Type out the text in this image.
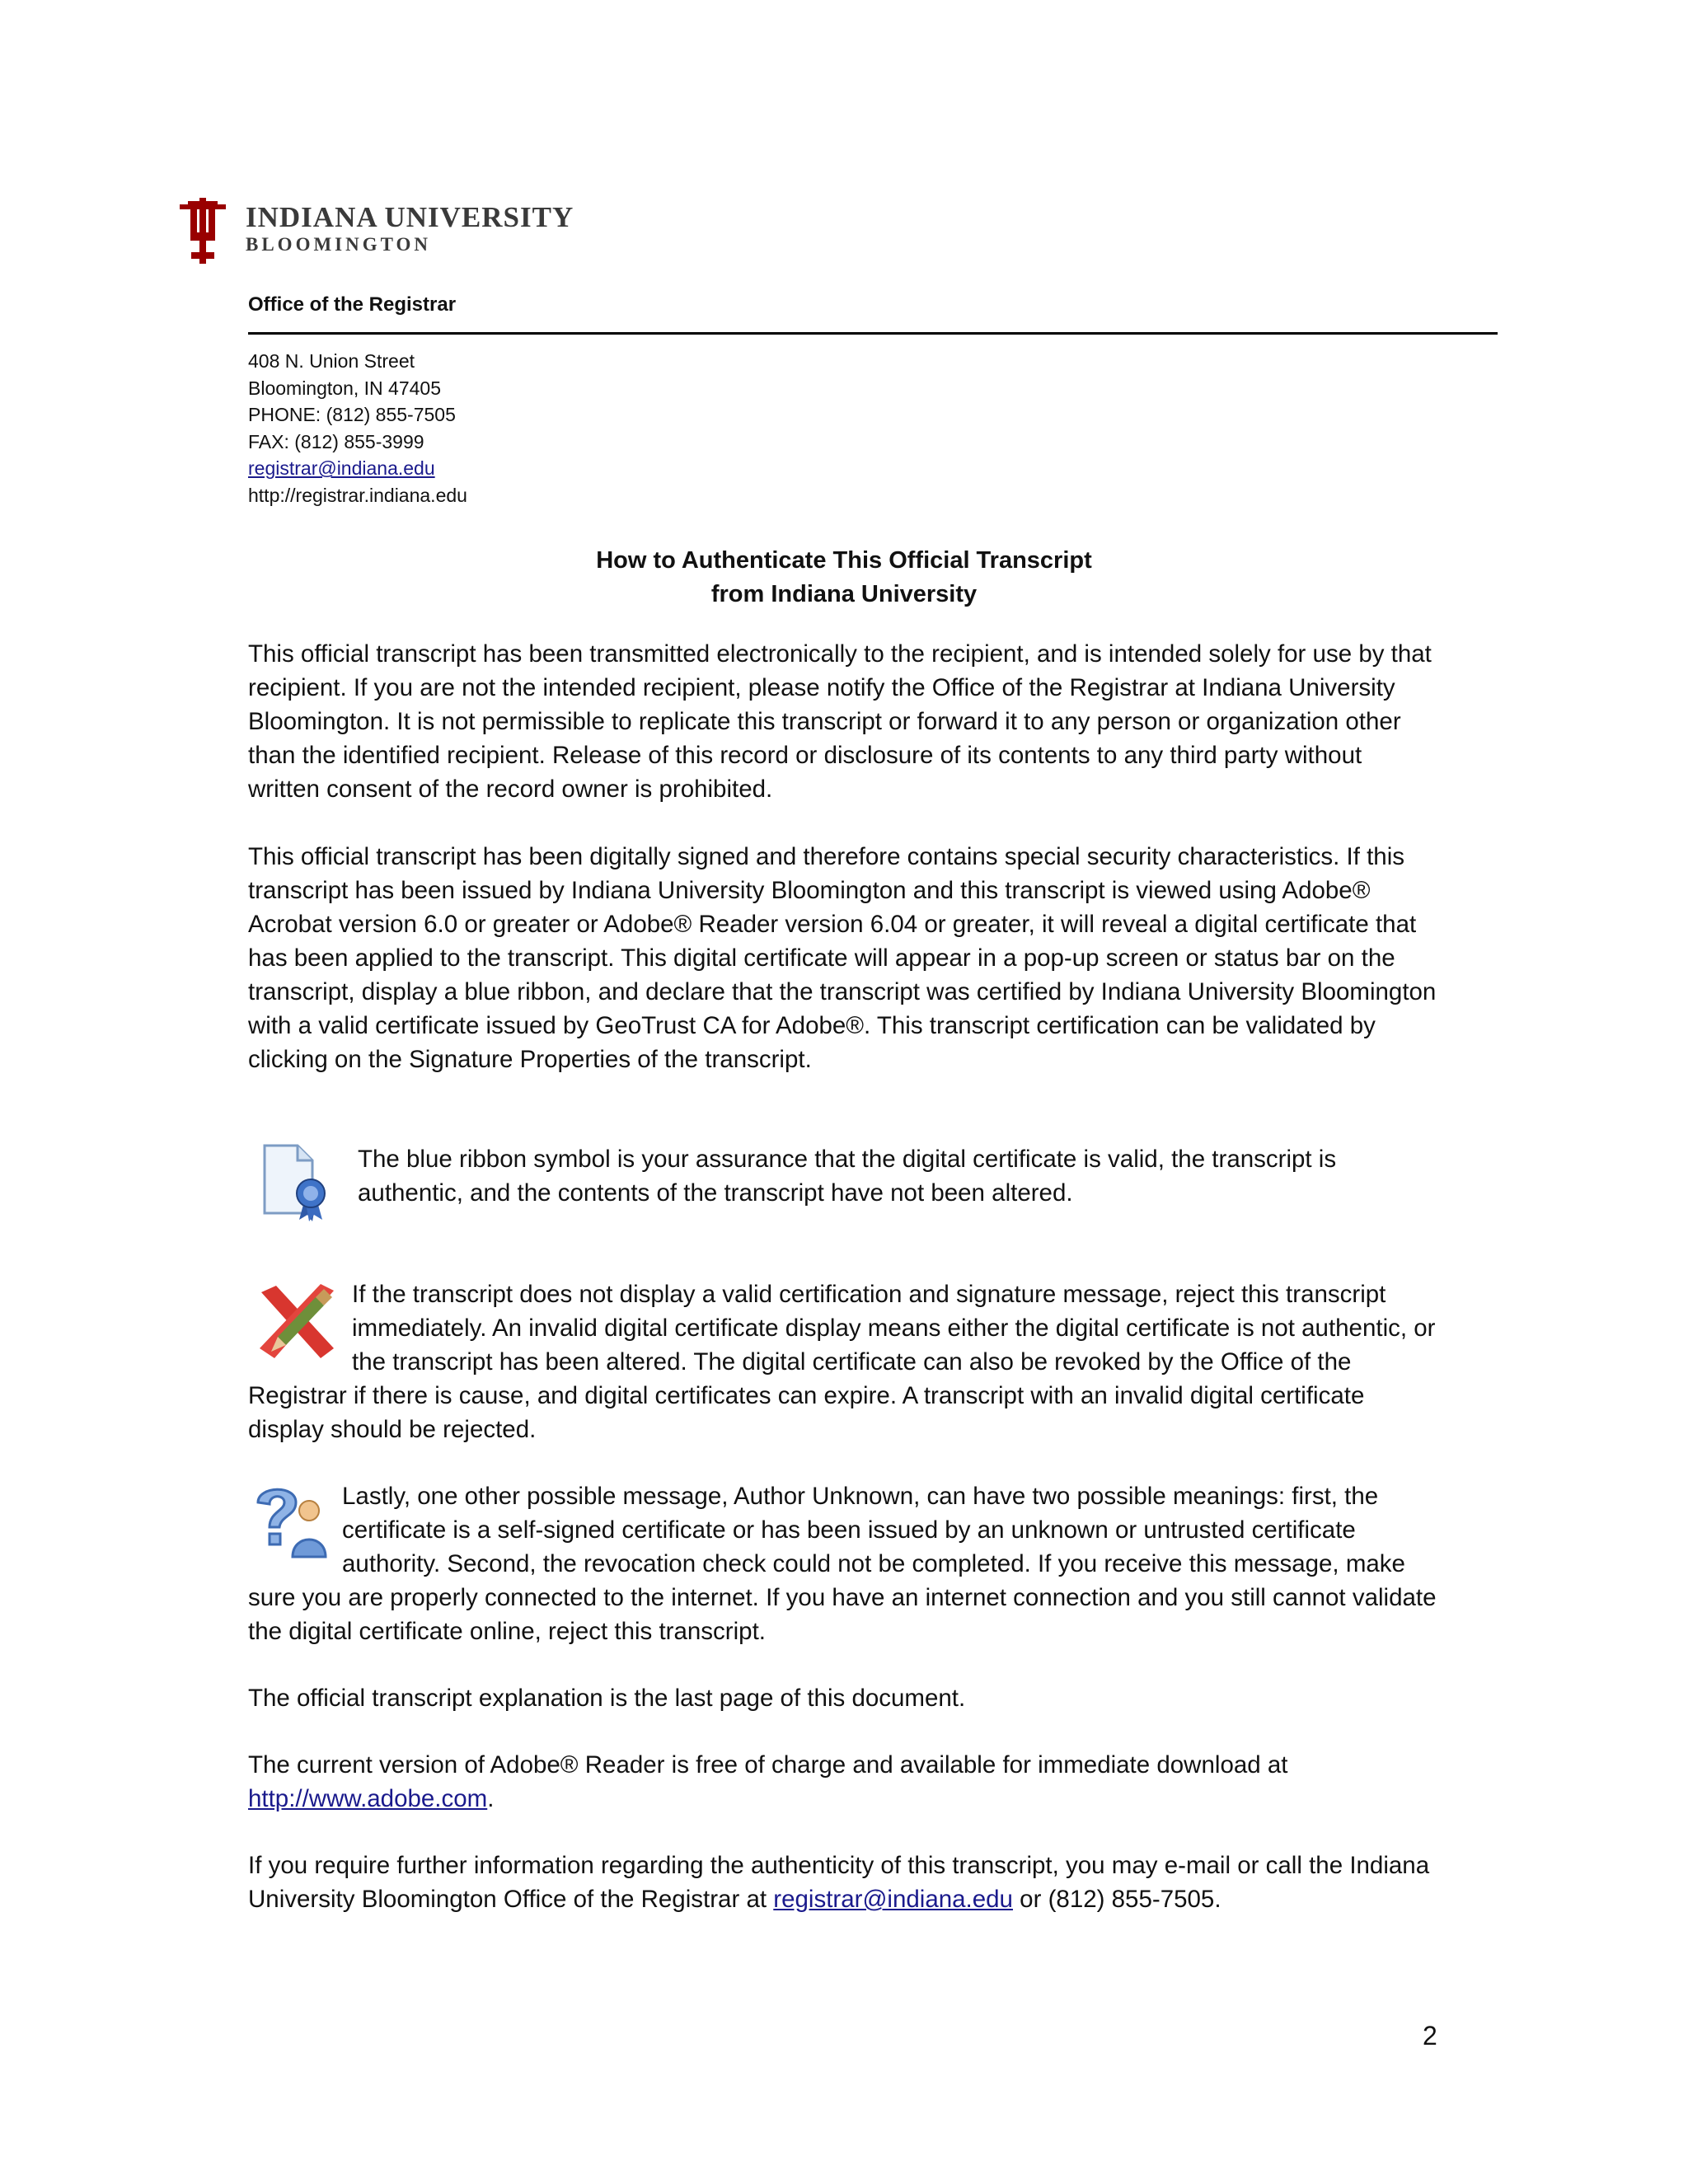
INDIANA UNIVERSITY
BLOOMINGTON
Office of the Registrar
408 N. Union Street
Bloomington, IN 47405
PHONE: (812) 855-7505
FAX: (812) 855-3999
registrar@indiana.edu
http://registrar.indiana.edu
How to Authenticate This Official Transcript
from Indiana University

This official transcript has been transmitted electronically to the recipient, and is intended solely for use by that recipient. If you are not the intended recipient, please notify the Office of the Registrar at Indiana University Bloomington. It is not permissible to replicate this transcript or forward it to any person or organization other than the identified recipient. Release of this record or disclosure of its contents to any third party without written consent of the record owner is prohibited.

This official transcript has been digitally signed and therefore contains special security characteristics. If this transcript has been issued by Indiana University Bloomington and this transcript is viewed using Adobe® Acrobat version 6.0 or greater or Adobe® Reader version 6.04 or greater, it will reveal a digital certificate that has been applied to the transcript. This digital certificate will appear in a pop-up screen or status bar on the transcript, display a blue ribbon, and declare that the transcript was certified by Indiana University Bloomington with a valid certificate issued by GeoTrust CA for Adobe®. This transcript certification can be validated by clicking on the Signature Properties of the transcript.

The blue ribbon symbol is your assurance that the digital certificate is valid, the transcript is authentic, and the contents of the transcript have not been altered.

If the transcript does not display a valid certification and signature message, reject this transcript immediately. An invalid digital certificate display means either the digital certificate is not authentic, or the transcript has been altered. The digital certificate can also be revoked by the Office of the Registrar if there is cause, and digital certificates can expire. A transcript with an invalid digital certificate display should be rejected.

Lastly, one other possible message, Author Unknown, can have two possible meanings: first, the certificate is a self-signed certificate or has been issued by an unknown or untrusted certificate authority. Second, the revocation check could not be completed. If you receive this message, make sure you are properly connected to the internet. If you have an internet connection and you still cannot validate the digital certificate online, reject this transcript.

The official transcript explanation is the last page of this document.

The current version of Adobe® Reader is free of charge and available for immediate download at http://www.adobe.com.

If you require further information regarding the authenticity of this transcript, you may e-mail or call the Indiana University Bloomington Office of the Registrar at registrar@indiana.edu or (812) 855-7505.

2
